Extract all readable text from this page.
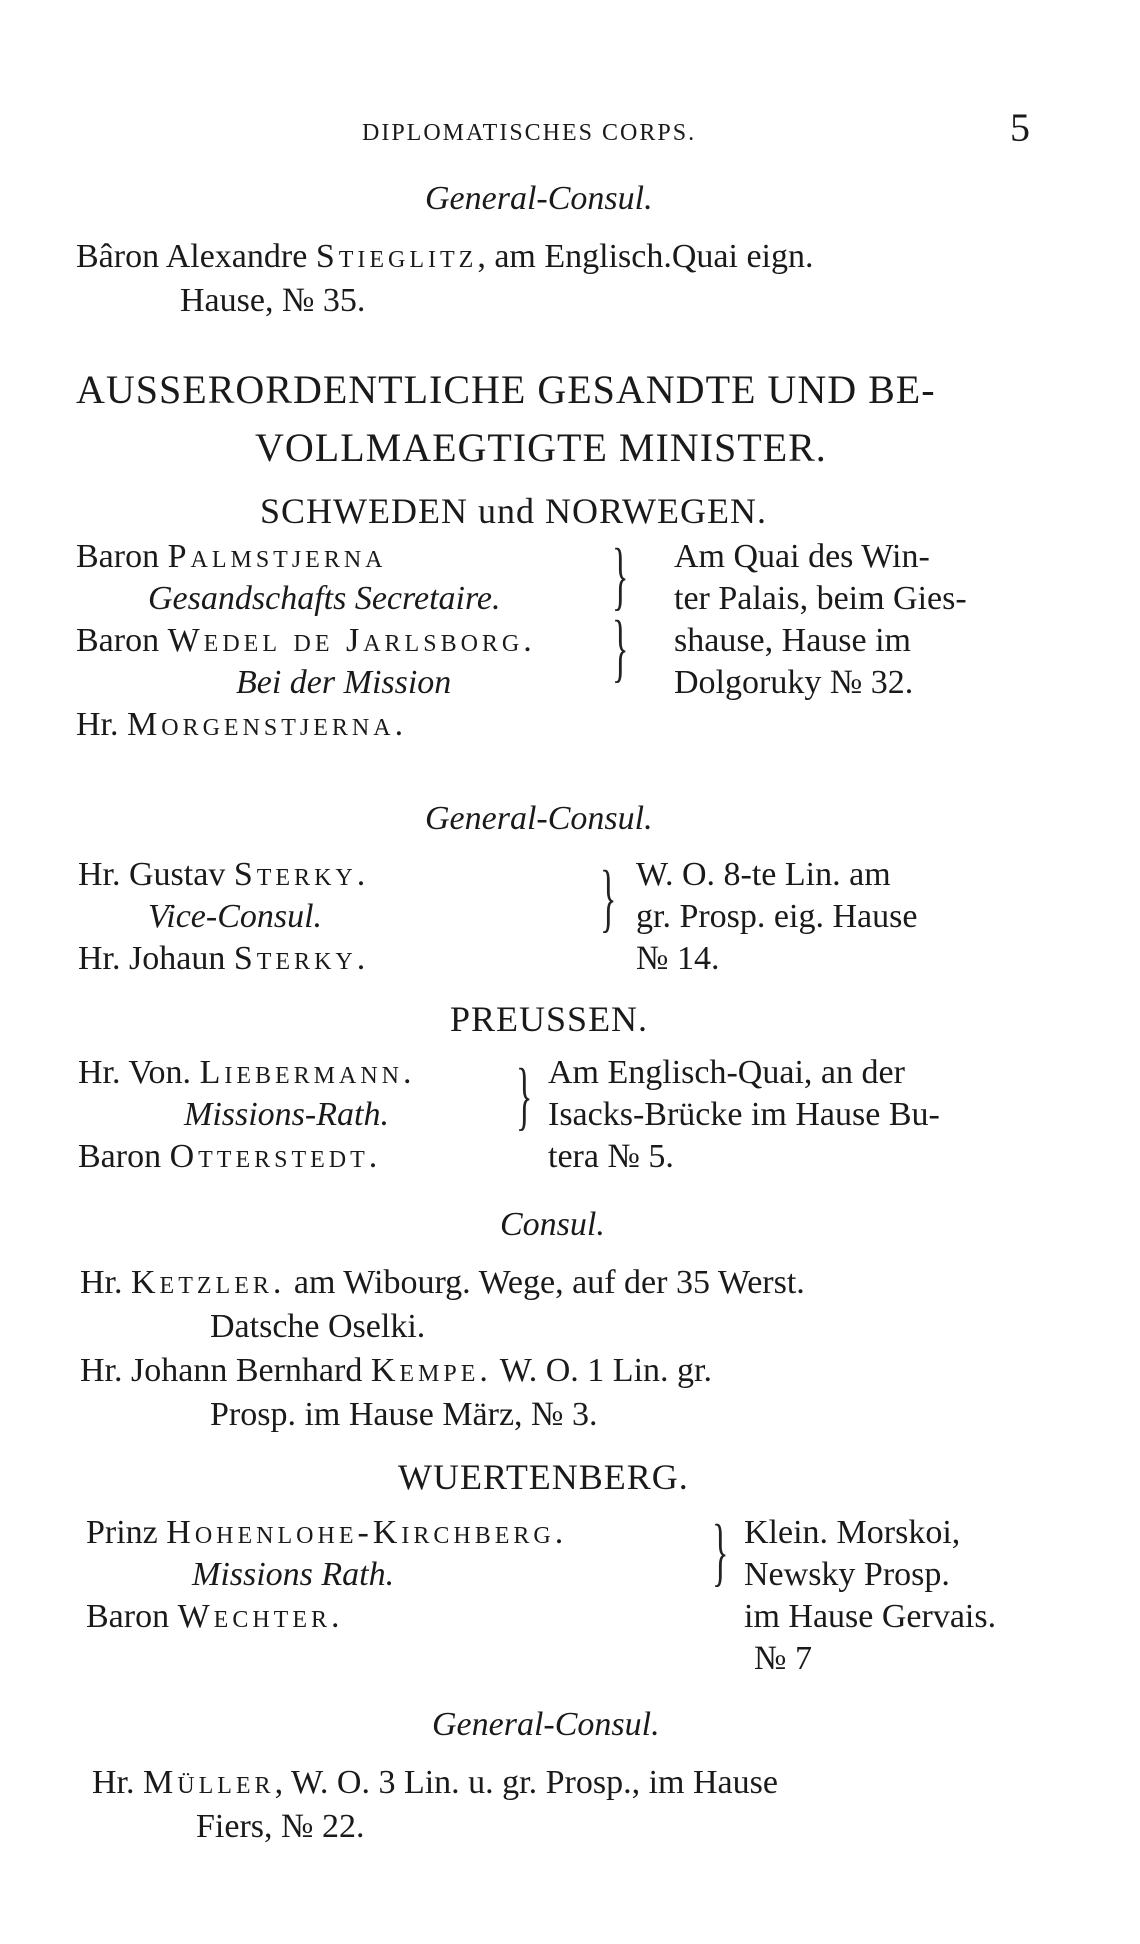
DIPLOMATISCHES CORPS.	5
General-Consul.
Bâron Alexandre Stieglitz, am Englisch.Quai eign.
Hause, № 35.
AUSSERORDENTLICHE GESANDTE UND BE-
VOLLMAEGTIGTE MINISTER.
SCHWEDEN und NORWEGEN.
Baron Palmstjerna
Gesandschafts Secretaire.
Baron Wedel de Jarlsborg.
Bei der Mission
Hr. Morgenstjerna.
}
}
Am Quai des Win-
ter Palais, beim Gies-
shause, Hause im
Dolgoruky № 32.
General-Consul.
Hr. Gustav Sterky.
Vice-Consul.
Hr. Johaun Sterky.
} W. O. 8-te Lin. am
gr. Prosp. eig. Hause
№ 14.
PREUSSEN.
Hr. Von. Liebermann.
Missions-Rath.
Baron Otterstedt.
} Am Englisch-Quai, an der
Isacks-Brücke im Hause Bu-
tera № 5.
Consul.
Hr. Ketzler. am Wibourg. Wege, auf der 35 Werst.
Datsche Oselki.
Hr. Johann Bernhard Kempe. W. O. 1 Lin. gr.
Prosp. im Hause März, № 3.
WUERTENBERG.
Prinz Hohenlohe-Kirchberg.
Missions Rath.
Baron Wechter.
} Klein. Morskoi,
Newsky Prosp.
im Hause Gervais.
№ 7
General-Consul.
Hr. Müller, W. O. 3 Lin. u. gr. Prosp., im Hause
Fiers, № 22.
